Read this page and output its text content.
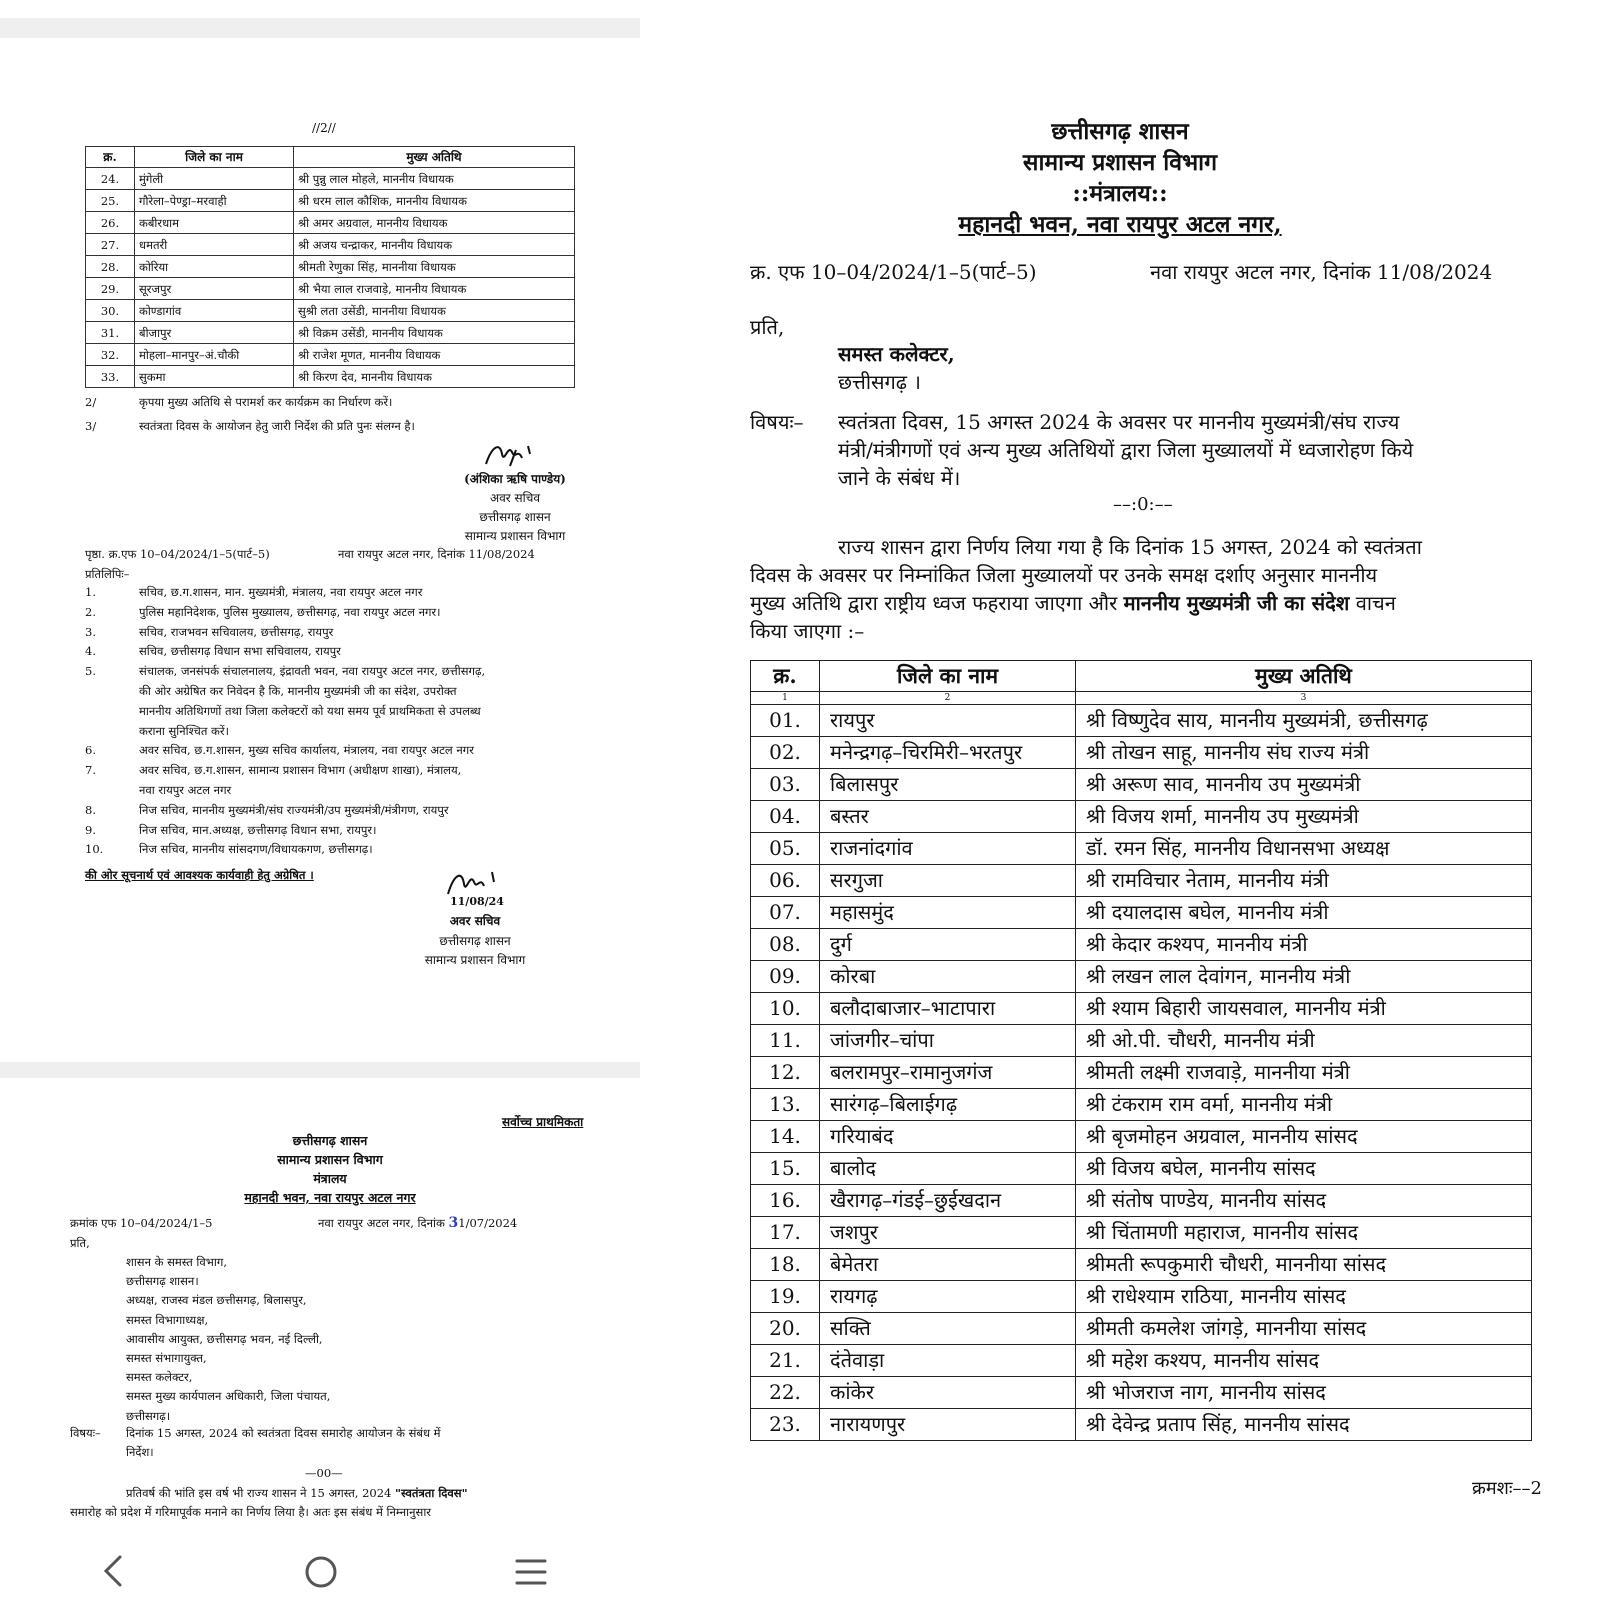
//2//
क्र.	जिले का नाम	मुख्य अतिथि
24.	मुंगेली	श्री पुन्नु लाल मोहले, माननीय विधायक
25.	गौरेला–पेण्ड्रा–मरवाही	श्री धरम लाल कौशिक, माननीय विधायक
26.	कबीरधाम	श्री अमर अग्रवाल, माननीय विधायक
27.	धमतरी	श्री अजय चन्द्राकर, माननीय विधायक
28.	कोरिया	श्रीमती रेणुका सिंह, माननीया विधायक
29.	सूरजपुर	श्री भैया लाल राजवाड़े, माननीय विधायक
30.	कोण्डागांव	सुश्री लता उसेंडी, माननीया विधायक
31.	बीजापुर	श्री विक्रम उसेंडी, माननीय विधायक
32.	मोहला–मानपुर–अं.चौकी	श्री राजेश मूणत, माननीय विधायक
33.	सुकमा	श्री किरण देव, माननीय विधायक
2/	कृपया मुख्य अतिथि से परामर्श कर कार्यक्रम का निर्धारण करें।
3/	स्वतंत्रता दिवस के आयोजन हेतु जारी निर्देश की प्रति पुनः संलग्न है।
(अंशिका ऋषि पाण्डेय)
अवर सचिव
छत्तीसगढ़ शासन
सामान्य प्रशासन विभाग
पृष्ठा. क्र.एफ 10–04/2024/1–5(पार्ट–5)	नवा रायपुर अटल नगर, दिनांक 11/08/2024
प्रतिलिपिः–
1.	सचिव, छ.ग.शासन, मान. मुख्यमंत्री, मंत्रालय, नवा रायपुर अटल नगर
2.	पुलिस महानिदेशक, पुलिस मुख्यालय, छत्तीसगढ़, नवा रायपुर अटल नगर।
3.	सचिव, राजभवन सचिवालय, छत्तीसगढ़, रायपुर
4.	सचिव, छत्तीसगढ़ विधान सभा सचिवालय, रायपुर
5.	संचालक, जनसंपर्क संचालनालय, इंद्रावती भवन, नवा रायपुर अटल नगर, छत्तीसगढ़,
की ओर अग्रेषित कर निवेदन है कि, माननीय मुख्यमंत्री जी का संदेश, उपरोक्त
माननीय अतिथिगणों तथा जिला कलेक्टरों को यथा समय पूर्व प्राथमिकता से उपलब्ध
कराना सुनिश्चित करें।
6.	अवर सचिव, छ.ग.शासन, मुख्य सचिव कार्यालय, मंत्रालय, नवा रायपुर अटल नगर
7.	अवर सचिव, छ.ग.शासन, सामान्य प्रशासन विभाग (अधीक्षण शाखा), मंत्रालय,
नवा रायपुर अटल नगर
8.	निज सचिव, माननीय मुख्यमंत्री/संघ राज्यमंत्री/उप मुख्यमंत्री/मंत्रीगण, रायपुर
9.	निज सचिव, मान.अध्यक्ष, छत्तीसगढ़ विधान सभा, रायपुर।
10.	निज सचिव, माननीय सांसदगण/विधायकगण, छत्तीसगढ़।
की ओर सूचनार्थ एवं आवश्यक कार्यवाही हेतु अग्रेषित ।
11/08/24
अवर सचिव
छत्तीसगढ़ शासन
सामान्य प्रशासन विभाग
सर्वोच्च प्राथमिकता
छत्तीसगढ़ शासन
सामान्य प्रशासन विभाग
मंत्रालय
महानदी भवन, नवा रायपुर अटल नगर
क्रमांक एफ 10–04/2024/1–5	नवा रायपुर अटल नगर, दिनांक 31/07/2024
प्रति,
शासन के समस्त विभाग,
छत्तीसगढ़ शासन।
अध्यक्ष, राजस्व मंडल छत्तीसगढ़, बिलासपुर,
समस्त विभागाध्यक्ष,
आवासीय आयुक्त, छत्तीसगढ़ भवन, नई दिल्ली,
समस्त संभागायुक्त,
समस्त कलेक्टर,
समस्त मुख्य कार्यपालन अधिकारी, जिला पंचायत,
छत्तीसगढ़।
विषयः– दिनांक 15 अगस्त, 2024 को स्वतंत्रता दिवस समारोह आयोजन के संबंध में
निर्देश।
—00—
प्रतिवर्ष की भांति इस वर्ष भी राज्य शासन ने 15 अगस्त, 2024 "स्वतंत्रता दिवस"
समारोह को प्रदेश में गरिमापूर्वक मनाने का निर्णय लिया है। अतः इस संबंध में निम्नानुसार
छत्तीसगढ़ शासन
सामान्य प्रशासन विभाग
::मंत्रालय::
महानदी भवन, नवा रायपुर अटल नगर,
क्र. एफ 10–04/2024/1–5(पार्ट–5)	नवा रायपुर अटल नगर, दिनांक 11/08/2024
प्रति,
समस्त कलेक्टर,
छत्तीसगढ़ ।
विषयः– स्वतंत्रता दिवस, 15 अगस्त 2024 के अवसर पर माननीय मुख्यमंत्री/संघ राज्य
मंत्री/मंत्रीगणों एवं अन्य मुख्य अतिथियों द्वारा जिला मुख्यालयों में ध्वजारोहण किये
जाने के संबंध में।
––:0:––
राज्य शासन द्वारा निर्णय लिया गया है कि दिनांक 15 अगस्त, 2024 को स्वतंत्रता
दिवस के अवसर पर निम्नांकित जिला मुख्यालयों पर उनके समक्ष दर्शाए अनुसार माननीय
मुख्य अतिथि द्वारा राष्ट्रीय ध्वज फहराया जाएगा और माननीय मुख्यमंत्री जी का संदेश वाचन
किया जाएगा :–
क्र.	जिले का नाम	मुख्य अतिथि
1	2	3
01.	रायपुर	श्री विष्णुदेव साय, माननीय मुख्यमंत्री, छत्तीसगढ़
02.	मनेन्द्रगढ़–चिरमिरी–भरतपुर	श्री तोखन साहू, माननीय संघ राज्य मंत्री
03.	बिलासपुर	श्री अरूण साव, माननीय उप मुख्यमंत्री
04.	बस्तर	श्री विजय शर्मा, माननीय उप मुख्यमंत्री
05.	राजनांदगांव	डॉ. रमन सिंह, माननीय विधानसभा अध्यक्ष
06.	सरगुजा	श्री रामविचार नेताम, माननीय मंत्री
07.	महासमुंद	श्री दयालदास बघेल, माननीय मंत्री
08.	दुर्ग	श्री केदार कश्यप, माननीय मंत्री
09.	कोरबा	श्री लखन लाल देवांगन, माननीय मंत्री
10.	बलौदाबाजार–भाटापारा	श्री श्याम बिहारी जायसवाल, माननीय मंत्री
11.	जांजगीर–चांपा	श्री ओ.पी. चौधरी, माननीय मंत्री
12.	बलरामपुर–रामानुजगंज	श्रीमती लक्ष्मी राजवाड़े, माननीया मंत्री
13.	सारंगढ़–बिलाईगढ़	श्री टंकराम राम वर्मा, माननीय मंत्री
14.	गरियाबंद	श्री बृजमोहन अग्रवाल, माननीय सांसद
15.	बालोद	श्री विजय बघेल, माननीय सांसद
16.	खैरागढ़–गंडई–छुईखदान	श्री संतोष पाण्डेय, माननीय सांसद
17.	जशपुर	श्री चिंतामणी महाराज, माननीय सांसद
18.	बेमेतरा	श्रीमती रूपकुमारी चौधरी, माननीया सांसद
19.	रायगढ़	श्री राधेश्याम राठिया, माननीय सांसद
20.	सक्ति	श्रीमती कमलेश जांगड़े, माननीया सांसद
21.	दंतेवाड़ा	श्री महेश कश्यप, माननीय सांसद
22.	कांकेर	श्री भोजराज नाग, माननीय सांसद
23.	नारायणपुर	श्री देवेन्द्र प्रताप सिंह, माननीय सांसद
क्रमशः––2
